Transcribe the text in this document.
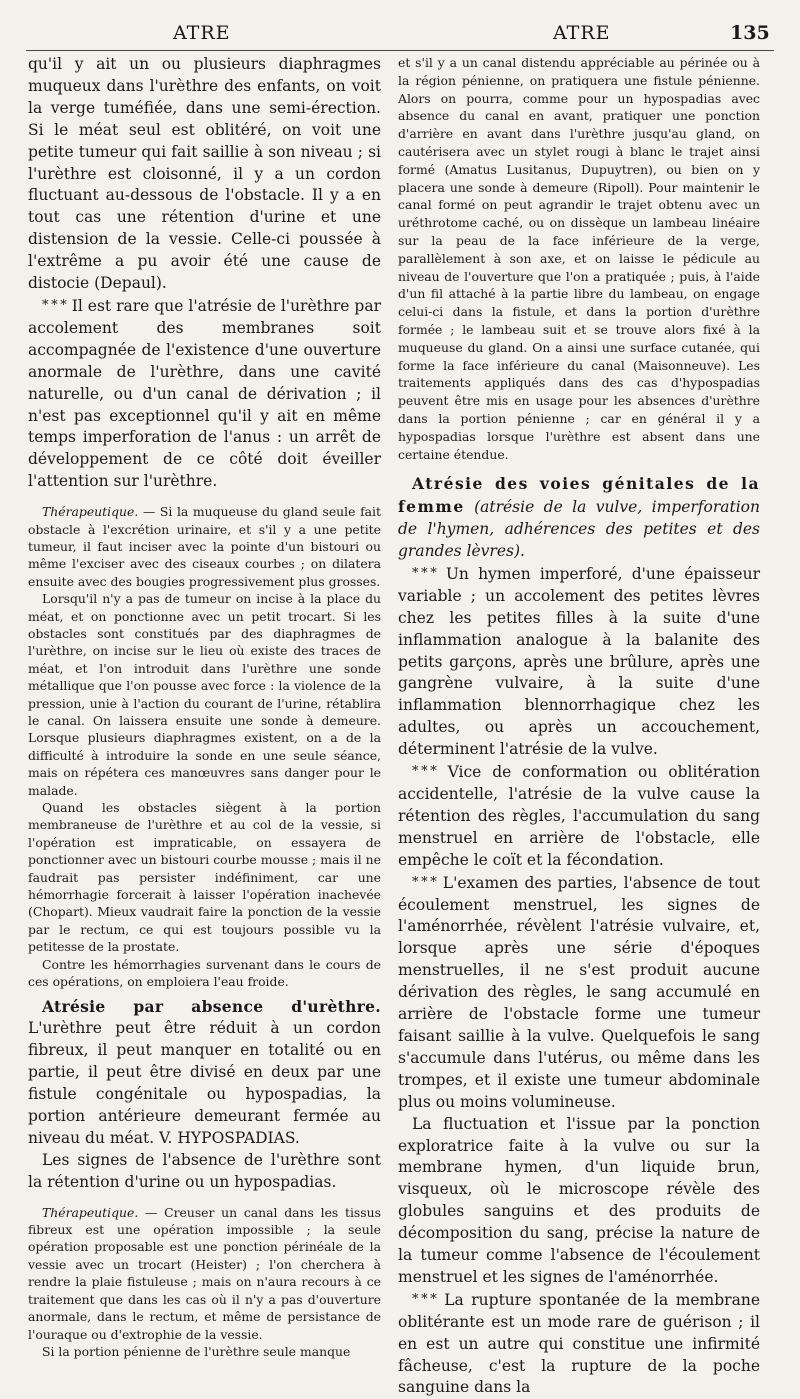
ATRE	ATRE	135

qu'il y ait un ou plusieurs diaphragmes muqueux dans l'urèthre des enfants, on voit la verge tuméfiée, dans une semi-érection. Si le méat seul est oblitéré, on voit une petite tumeur qui fait saillie à son niveau ; si l'urèthre est cloisonné, il y a un cordon fluctuant au-dessous de l'obstacle. Il y a en tout cas une rétention d'urine et une distension de la vessie. Celle-ci poussée à l'extrême a pu avoir été une cause de distocie (Depaul).

* * * Il est rare que l'atrésie de l'urèthre par accolement des membranes soit accompagnée de l'existence d'une ouverture anormale de l'urèthre, dans une cavité naturelle, ou d'un canal de dérivation ; il n'est pas exceptionnel qu'il y ait en même temps imperforation de l'anus : un arrêt de développement de ce côté doit éveiller l'attention sur l'urèthre.

Thérapeutique. — Si la muqueuse du gland seule fait obstacle à l'excrétion urinaire, et s'il y a une petite tumeur, il faut inciser avec la pointe d'un bistouri ou même l'exciser avec des ciseaux courbes ; on dilatera ensuite avec des bougies progressivement plus grosses.

Lorsqu'il n'y a pas de tumeur on incise à la place du méat, et on ponctionne avec un petit trocart. Si les obstacles sont constitués par des diaphragmes de l'urèthre, on incise sur le lieu où existe des traces de méat, et l'on introduit dans l'urèthre une sonde métallique que l'on pousse avec force : la violence de la pression, unie à l'action du courant de l'urine, rétablira le canal. On laissera ensuite une sonde à demeure. Lorsque plusieurs diaphragmes existent, on a de la difficulté à introduire la sonde en une seule séance, mais on répétera ces manœuvres sans danger pour le malade.

Quand les obstacles siègent à la portion membraneuse de l'urèthre et au col de la vessie, si l'opération est impraticable, on essayera de ponctionner avec un bistouri courbe mousse ; mais il ne faudrait pas persister indéfiniment, car une hémorrhagie forcerait à laisser l'opération inachevée (Chopart). Mieux vaudrait faire la ponction de la vessie par le rectum, ce qui est toujours possible vu la petitesse de la prostate.

Contre les hémorrhagies survenant dans le cours de ces opérations, on emploiera l'eau froide.

Atrésie par absence d'urèthre. L'urèthre peut être réduit à un cordon fibreux, il peut manquer en totalité ou en partie, il peut être divisé en deux par une fistule congénitale ou hypospadias, la portion antérieure demeurant fermée au niveau du méat. V. HYPOSPADIAS.

Les signes de l'absence de l'urèthre sont la rétention d'urine ou un hypospadias.

Thérapeutique. — Creuser un canal dans les tissus fibreux est une opération impossible ; la seule opération proposable est une ponction périnéale de la vessie avec un trocart (Heister) ; l'on cherchera à rendre la plaie fistuleuse ; mais on n'aura recours à ce traitement que dans les cas où il n'y a pas d'ouverture anormale, dans le rectum, et même de persistance de l'ouraque ou d'extrophie de la vessie.

Si la portion pénienne de l'urèthre seule manque

et s'il y a un canal distendu appréciable au périnée ou à la région pénienne, on pratiquera une fistule pénienne. Alors on pourra, comme pour un hypospadias avec absence du canal en avant, pratiquer une ponction d'arrière en avant dans l'urèthre jusqu'au gland, on cautérisera avec un stylet rougi à blanc le trajet ainsi formé (Amatus Lusitanus, Dupuytren), ou bien on y placera une sonde à demeure (Ripoll). Pour maintenir le canal formé on peut agrandir le trajet obtenu avec un uréthrotome caché, ou on dissèque un lambeau linéaire sur la peau de la face inférieure de la verge, parallèlement à son axe, et on laisse le pédicule au niveau de l'ouverture que l'on a pratiquée ; puis, à l'aide d'un fil attaché à la partie libre du lambeau, on engage celui-ci dans la fistule, et dans la portion d'urèthre formée ; le lambeau suit et se trouve alors fixé à la muqueuse du gland. On a ainsi une surface cutanée, qui forme la face inférieure du canal (Maisonneuve). Les traitements appliqués dans des cas d'hypospadias peuvent être mis en usage pour les absences d'urèthre dans la portion pénienne ; car en général il y a hypospadias lorsque l'urèthre est absent dans une certaine étendue.

Atrésie des voies génitales de la femme (atrésie de la vulve, imperforation de l'hymen, adhérences des petites et des grandes lèvres).

* * * Un hymen imperforé, d'une épaisseur variable ; un accolement des petites lèvres chez les petites filles à la suite d'une inflammation analogue à la balanite des petits garçons, après une brûlure, après une gangrène vulvaire, à la suite d'une inflammation blennorrhagique chez les adultes, ou après un accouchement, déterminent l'atrésie de la vulve.

* * * Vice de conformation ou oblitération accidentelle, l'atrésie de la vulve cause la rétention des règles, l'accumulation du sang menstruel en arrière de l'obstacle, elle empêche le coït et la fécondation.

* * * L'examen des parties, l'absence de tout écoulement menstruel, les signes de l'aménorrhée, révèlent l'atrésie vulvaire, et, lorsque après une série d'époques menstruelles, il ne s'est produit aucune dérivation des règles, le sang accumulé en arrière de l'obstacle forme une tumeur faisant saillie à la vulve. Quelquefois le sang s'accumule dans l'utérus, ou même dans les trompes, et il existe une tumeur abdominale plus ou moins volumineuse.

La fluctuation et l'issue par la ponction exploratrice faite à la vulve ou sur la membrane hymen, d'un liquide brun, visqueux, où le microscope révèle des globules sanguins et des produits de décomposition du sang, précise la nature de la tumeur comme l'absence de l'écoulement menstruel et les signes de l'aménorrhée.

* * * La rupture spontanée de la membrane oblitérante est un mode rare de guérison ; il en est un autre qui constitue une infirmité fâcheuse, c'est la rupture de la poche sanguine dans la
